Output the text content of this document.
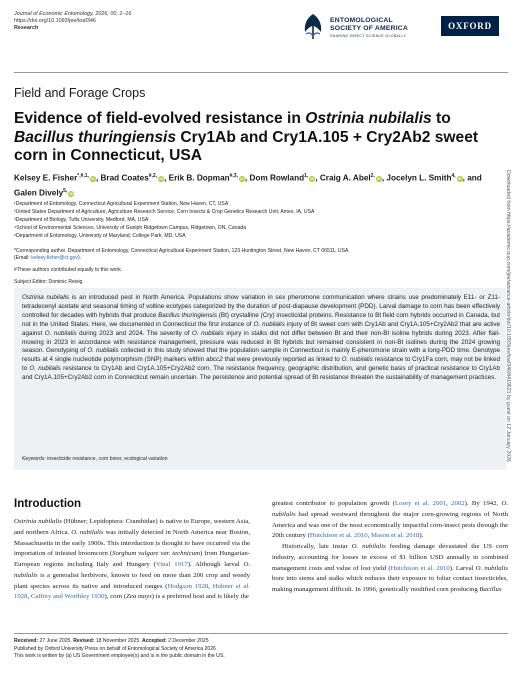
Journal of Economic Entomology, 2026, 00, 1–16
https://doi.org/10.1093/jee/toaf346
Research
ENTOMOLOGICAL
SOCIETY OF AMERICA
SHARING INSECT SCIENCE GLOBALLY
OXFORD
Field and Forage Crops
Evidence of field-evolved resistance in Ostrinia nubilalis to Bacillus thuringiensis Cry1Ab and Cry1A.105 + Cry2Ab2 sweet corn in Connecticut, USA
Kelsey E. Fisher$^{*,\#,1,}$ iD, Brad Coates$^{\#,2,}$ iD, Erik B. Dopman$^{\#,3,}$ iD, Dom Rowland$^{1,}$ iD, Craig A. Abel$^{2,}$ iD, Jocelyn L. Smith$^{4,}$ iD, and Galen Dively$^{5,}$ iD
¹Department of Entomology, Connecticut Agricultural Experiment Station, New Haven, CT, USA
²United States Department of Agriculture, Agriculture Research Service, Corn Insects & Crop Genetics Research Unit, Ames, IA, USA
³Department of Biology, Tufts University, Medford, MA, USA
⁴School of Environmental Sciences, University of Guelph Ridgetown Campus, Ridgetown, ON, Canada
⁵Department of Entomology, University of Maryland, College Park, MD, USA
*Corresponding author. Department of Entomology, Connecticut Agricultural Experiment Station, 123 Huntington Street, New Haven, CT 06511, USA
(Email: kelsey.fisher@ct.gov).
#These authors contributed equally to this work.
Subject Editor: Dominic Reisig
Ostrinia nubilalis is an introduced pest in North America. Populations show variation in sex pheromone communication where strains use predominately E11- or Z11-tetradecenyl acetate and seasonal timing of voltine ecotypes categorized by the duration of post-diapause development (PDD). Larval damage to corn has been effectively controlled for decades with hybrids that produce Bacillus thuringiensis (Bt) crystalline (Cry) insecticidal proteins. Resistance to Bt field corn hybrids occurred in Canada, but not in the United States. Here, we documented in Connecticut the first instance of O. nubilalis injury of Bt sweet corn with Cry1Ab and Cry1A.105+Cry2Ab2 that are active against O. nubilalis during 2023 and 2024. The severity of O. nubilalis injury in stalks did not differ between Bt and their non-Bt isoline hybrids during 2023. After flail-mowing in 2023 in accordance with resistance management, pressure was reduced in Bt hybrids but remained consistent in non-Bt isolines during the 2024 growing season. Genotyping of O. nubilalis collected in this study showed that the population sample in Connecticut is mainly E-pheromone strain with a long-PDD time. Genotype results at 4 single nucleotide polymorphism (SNP) markers within abcc2 that were previously reported as linked to O. nubilalis resistance to Cry1Fa corn, may not be linked to O. nubilalis resistance to Cry1Ab and Cry1A.105+Cry2Ab2 corn. The resistance frequency, geographic distribution, and genetic basis of practical resistance to Cry1Ab and Cry1A.105+Cry2Ab2 corn in Connecticut remain uncertain. The persistence and potential spread of Bt resistance threaten the sustainability of management practices.
Keywords: insecticide resistance, corn borer, ecological variation
Introduction

Ostrinia nubilalis (Hübner; Lepidoptera: Crambidae) is native to Europe, western Asia, and northern Africa. O. nubilalis was initially detected in North America near Boston, Massachusetts in the early 1900s. This introduction is thought to have occurred via the importation of infested broomcorn (Sorghum vulgare var. technicum) from Hungarian-European regions including Italy and Hungary (Vinal 1917). Although larval O. nubilalis is a generalist herbivore, known to feed on more than 200 crop and weedy plant species across its native and introduced ranges (Hodgson 1928, Hubner et al. 1928, Caffrey and Worthley 1930), corn (Zea mays) is a preferred host and is likely the

greatest contributor to population growth (Losey et al. 2001, 2002). By 1942, O. nubilalis had spread westward throughout the major corn-growing regions of North America and was one of the most economically impactful corn-insect pests through the 20th century (Hutchison et al. 2010, Mason et al. 2018).

Historically, late instar O. nubilalis feeding damage devastated the US corn industry, accounting for losses in excess of $1 billion USD annually in combined management costs and value of lost yield (Hutchison et al. 2010). Larval O. nubilalis bore into stems and stalks which reduces their exposure to foliar contact insecticides, making management difficult. In 1996, genetically modified corn producing Bacillus

Received: 27 June 2025. Revised: 18 November 2025. Accepted: 2 December 2025
Published by Oxford University Press on behalf of Entomological Society of America 2026
This work is written by (a) US Government employee(s) and is in the public domain in the US.
Downloaded from https://academic.oup.com/jee/advance-article/doi/10.1093/jee/toaf346/8419621 by guest on 12 January 2026
